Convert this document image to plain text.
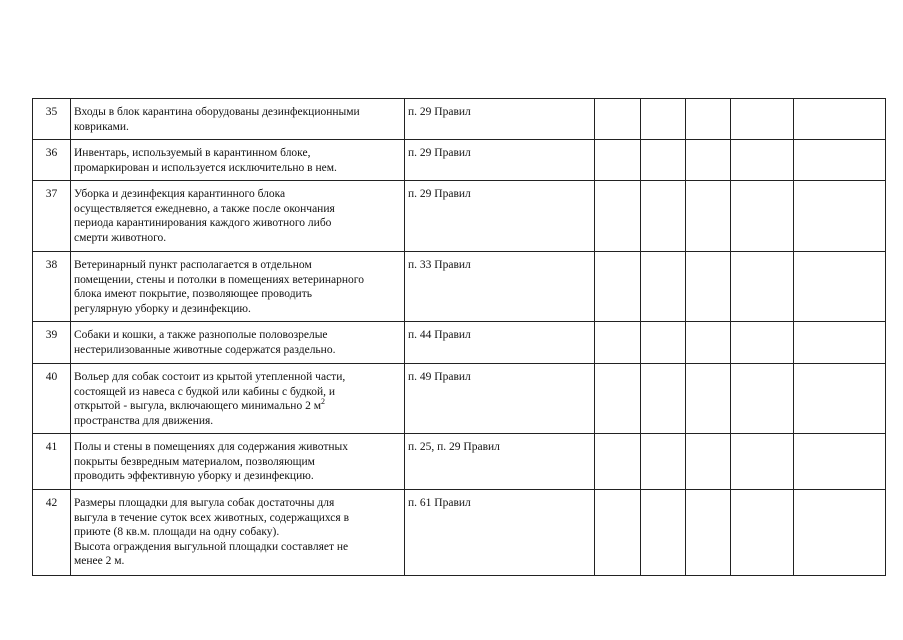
35	Входы в блок карантина оборудованы дезинфекционными
ковриками.	п. 29 Правил					
36	Инвентарь, используемый в карантинном блоке,
промаркирован и используется исключительно в нем.	п. 29 Правил					
37	Уборка и дезинфекция карантинного блока
осуществляется ежедневно, а также после окончания
периода карантинирования каждого животного либо
смерти животного.	п. 29 Правил					
38	Ветеринарный пункт располагается в отдельном
помещении, стены и потолки в помещениях ветеринарного
блока имеют покрытие, позволяющее проводить
регулярную уборку и дезинфекцию.	п. 33 Правил					
39	Собаки и кошки, а также разнополые половозрелые
нестерилизованные животные содержатся раздельно.	п. 44 Правил					
40	Вольер для собак состоит из крытой утепленной части,
состоящей из навеса с будкой или кабины с будкой, и
открытой - выгула, включающего минимально 2 $м^2$
пространства для движения.	п. 49 Правил					
41	Полы и стены в помещениях для содержания животных
покрыты безвредным материалом, позволяющим
проводить эффективную уборку и дезинфекцию.	п. 25, п. 29 Правил					
42	Размеры площадки для выгула собак достаточны для
выгула в течение суток всех животных, содержащихся в
приюте (8 кв.м. площади на одну собаку).
Высота ограждения выгульной площадки составляет не
менее 2 м.	п. 61 Правил					
